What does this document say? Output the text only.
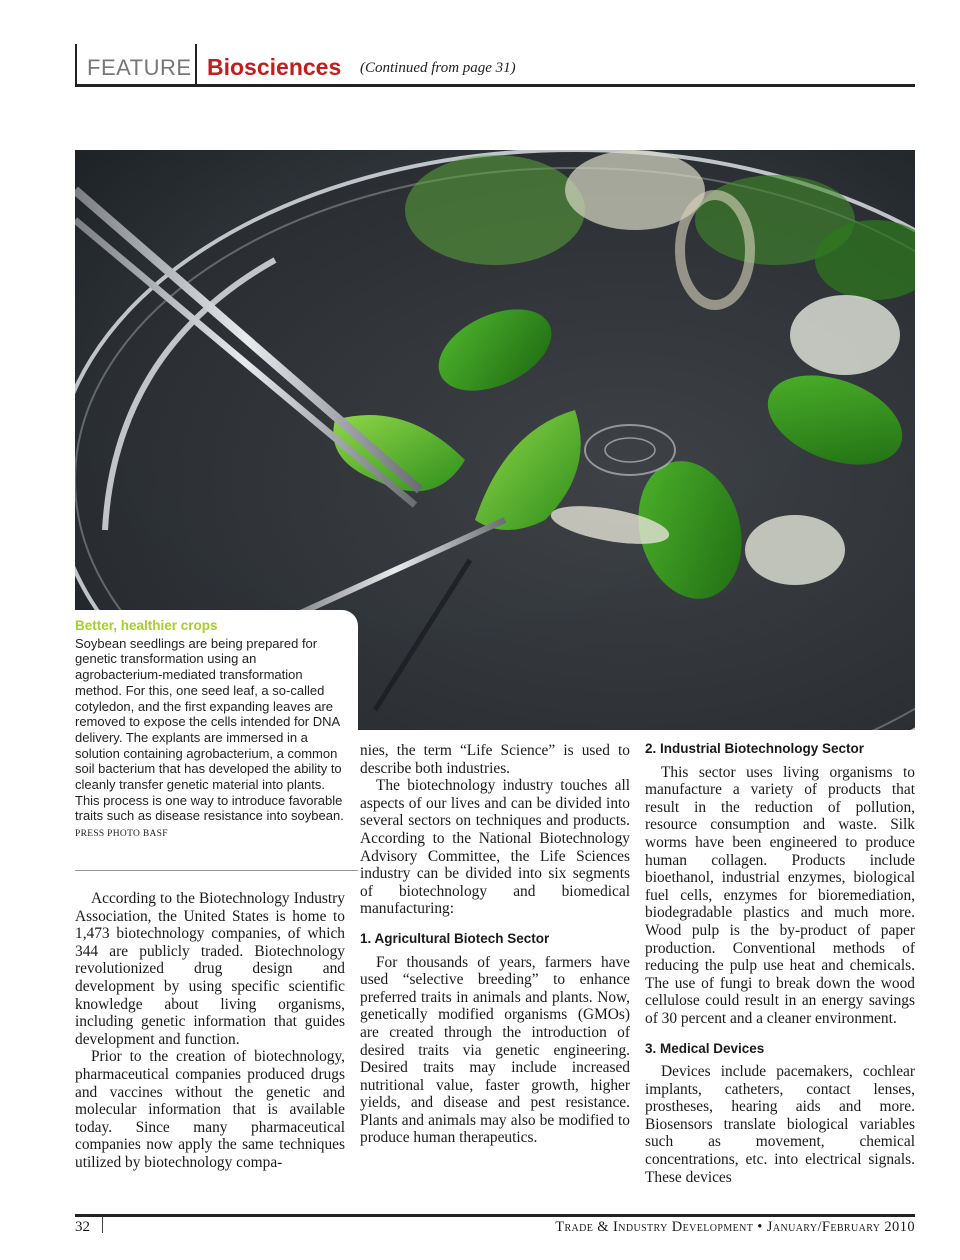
FEATURE Biosciences (Continued from page 31)
Better, healthier crops
Soybean seedlings are being prepared for genetic transformation using an agrobacterium-mediated transformation method. For this, one seed leaf, a so-called cotyledon, and the first expanding leaves are removed to expose the cells intended for DNA delivery. The explants are immersed in a solution containing agrobacterium, a common soil bacterium that has developed the ability to cleanly transfer genetic material into plants. This process is one way to introduce favorable traits such as disease resistance into soybean. PRESS PHOTO BASF

According to the Biotechnology Industry Association, the United States is home to 1,473 biotechnology companies, of which 344 are publicly traded. Biotechnology revolutionized drug design and development by using specific scientific knowledge about living organisms, including genetic information that guides development and function.

Prior to the creation of biotechnology, pharmaceutical companies produced drugs and vaccines without the genetic and molecular information that is available today. Since many pharmaceutical companies now apply the same techniques utilized by biotechnology compa-

nies, the term “Life Science” is used to describe both industries.

The biotechnology industry touches all aspects of our lives and can be divided into several sectors on techniques and products. According to the National Biotechnology Advisory Committee, the Life Sciences industry can be divided into six segments of biotechnology and biomedical manufacturing:

1. Agricultural Biotech Sector

For thousands of years, farmers have used “selective breeding” to enhance preferred traits in animals and plants. Now, genetically modified organisms (GMOs) are created through the introduction of desired traits via genetic engineering. Desired traits may include increased nutritional value, faster growth, higher yields, and disease and pest resistance. Plants and animals may also be modified to produce human therapeutics.

2. Industrial Biotechnology Sector

This sector uses living organisms to manufacture a variety of products that result in the reduction of pollution, resource consumption and waste. Silk worms have been engineered to produce human collagen. Products include bioethanol, industrial enzymes, biological fuel cells, enzymes for bioremediation, biodegradable plastics and much more. Wood pulp is the by-product of paper production. Conventional methods of reducing the pulp use heat and chemicals. The use of fungi to break down the wood cellulose could result in an energy savings of 30 percent and a cleaner environment.

3. Medical Devices

Devices include pacemakers, cochlear implants, catheters, contact lenses, prostheses, hearing aids and more. Biosensors translate biological variables such as movement, chemical concentrations, etc. into electrical signals. These devices

32	Trade & Industry Development • January/February 2010
